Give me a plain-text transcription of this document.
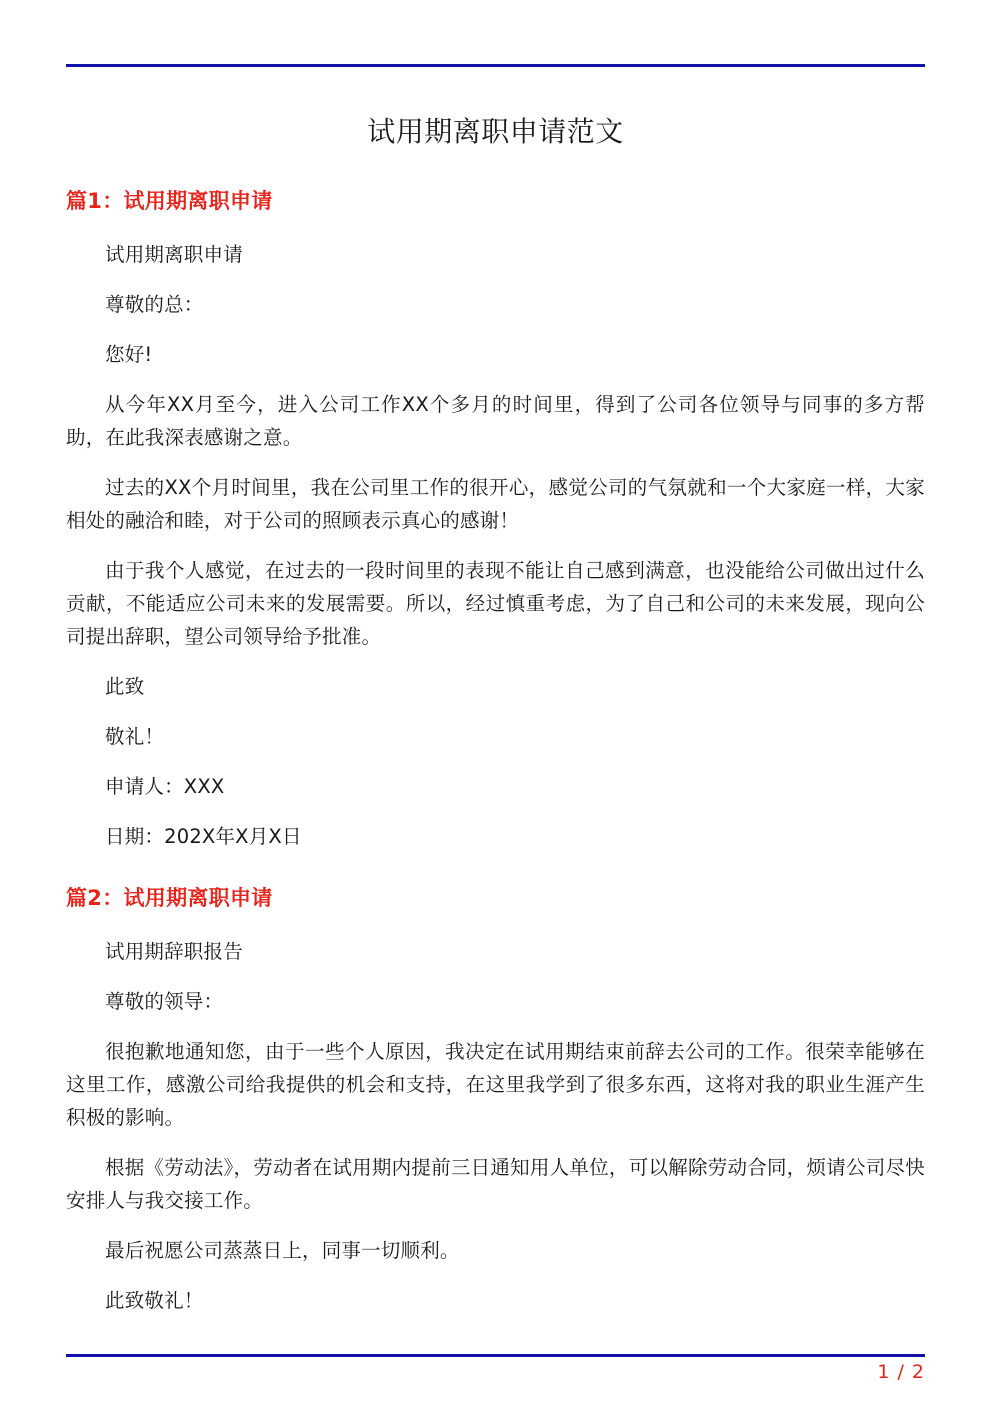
试用期离职申请范文
篇1：试用期离职申请

试用期离职申请

尊敬的总：

您好!

从今年XX月至今，进入公司工作XX个多月的时间里，得到了公司各位领导与同事的多方帮助，在此我深表感谢之意。

过去的XX个月时间里，我在公司里工作的很开心，感觉公司的气氛就和一个大家庭一样，大家相处的融洽和睦，对于公司的照顾表示真心的感谢！

由于我个人感觉，在过去的一段时间里的表现不能让自己感到满意，也没能给公司做出过什么贡献，不能适应公司未来的发展需要。所以，经过慎重考虑，为了自己和公司的未来发展，现向公司提出辞职，望公司领导给予批准。

此致

敬礼！

申请人：XXX

日期：202X年X月X日

篇2：试用期离职申请

试用期辞职报告

尊敬的领导：

很抱歉地通知您，由于一些个人原因，我决定在试用期结束前辞去公司的工作。很荣幸能够在这里工作，感激公司给我提供的机会和支持，在这里我学到了很多东西，这将对我的职业生涯产生积极的影响。

根据《劳动法》，劳动者在试用期内提前三日通知用人单位，可以解除劳动合同，烦请公司尽快安排人与我交接工作。

最后祝愿公司蒸蒸日上，同事一切顺利。

此致敬礼！

1 / 2
